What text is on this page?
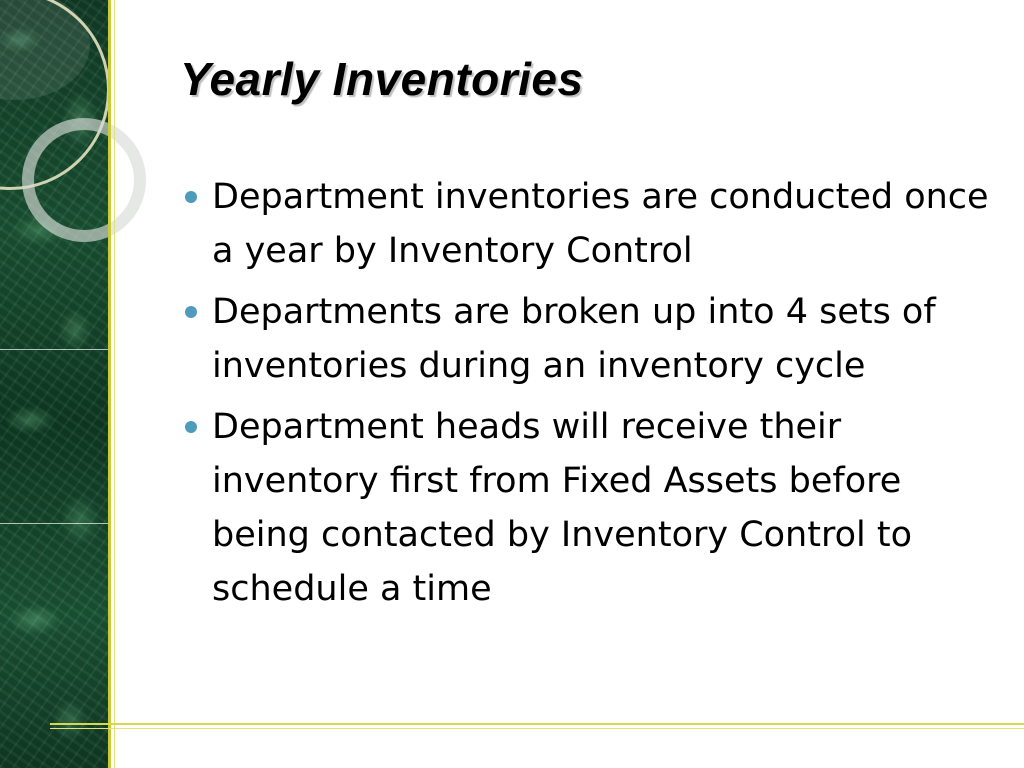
Yearly Inventories
Department inventories are conducted once a year by Inventory Control
Departments are broken up into 4 sets of inventories during an inventory cycle
Department heads will receive their inventory first from Fixed Assets before being contacted by Inventory Control to schedule a time
